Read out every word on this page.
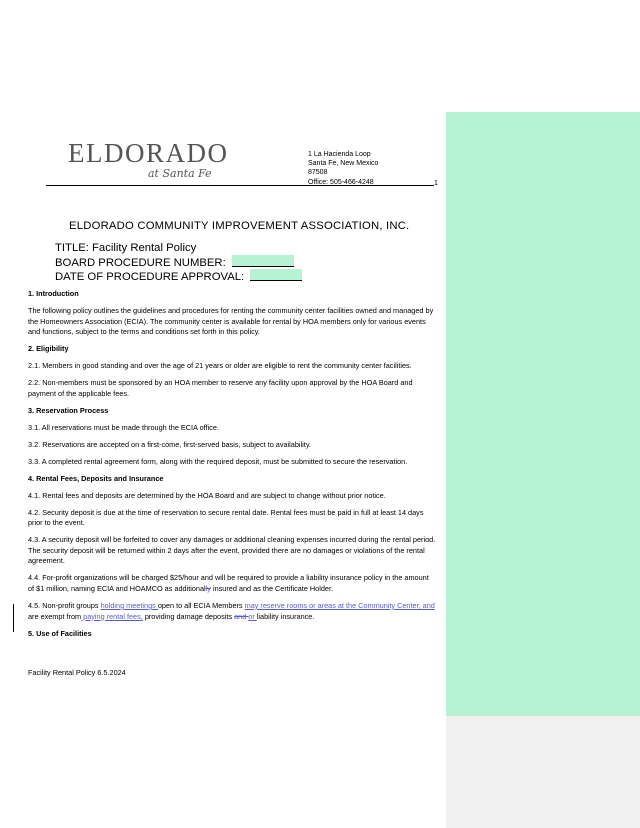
ELDORADO
at Santa Fe
1 La Hacienda Loop
Santa Fe, New Mexico
87508
Office: 505-466-4248	1
ELDORADO COMMUNITY IMPROVEMENT ASSOCIATION, INC.
TITLE: Facility Rental Policy
BOARD PROCEDURE NUMBER:
DATE OF PROCEDURE APPROVAL:

1. Introduction

The following policy outlines the guidelines and procedures for renting the community center facilities owned and managed by the Homeowners Association (ECIA). The community center is available for rental by HOA members only for various events and functions, subject to the terms and conditions set forth in this policy.

2. Eligibility

2.1. Members in good standing and over the age of 21 years or older are eligible to rent the community center facilities.

2.2. Non-members must be sponsored by an HOA member to reserve any facility upon approval by the HOA Board and payment of the applicable fees.

3. Reservation Process

3.1. All reservations must be made through the ECIA office.

3.2. Reservations are accepted on a first-come, first-served basis, subject to availability.

3.3. A completed rental agreement form, along with the required deposit, must be submitted to secure the reservation.

4. Rental Fees, Deposits and Insurance

4.1. Rental fees and deposits are determined by the HOA Board and are subject to change without prior notice.

4.2. Security deposit is due at the time of reservation to secure rental date. Rental fees must be paid in full at least 14 days prior to the event.

4.3. A security deposit will be forfeited to cover any damages or additional cleaning expenses incurred during the rental period. The security deposit will be returned within 2 days after the event, provided there are no damages or violations of the rental agreement.

4.4. For-profit organizations will be charged $25/hour and will be required to provide a liability insurance policy in the amount of $1 million, naming ECIA and HOAMCO as additionally insured and as the Certificate Holder.

4.5. Non-profit groups holding meetings open to all ECIA Members may reserve rooms or areas at the Community Center, and are exempt from paying rental fees, providing damage deposits and or liability insurance.

5. Use of Facilities

Facility Rental Policy 6.5.2024
